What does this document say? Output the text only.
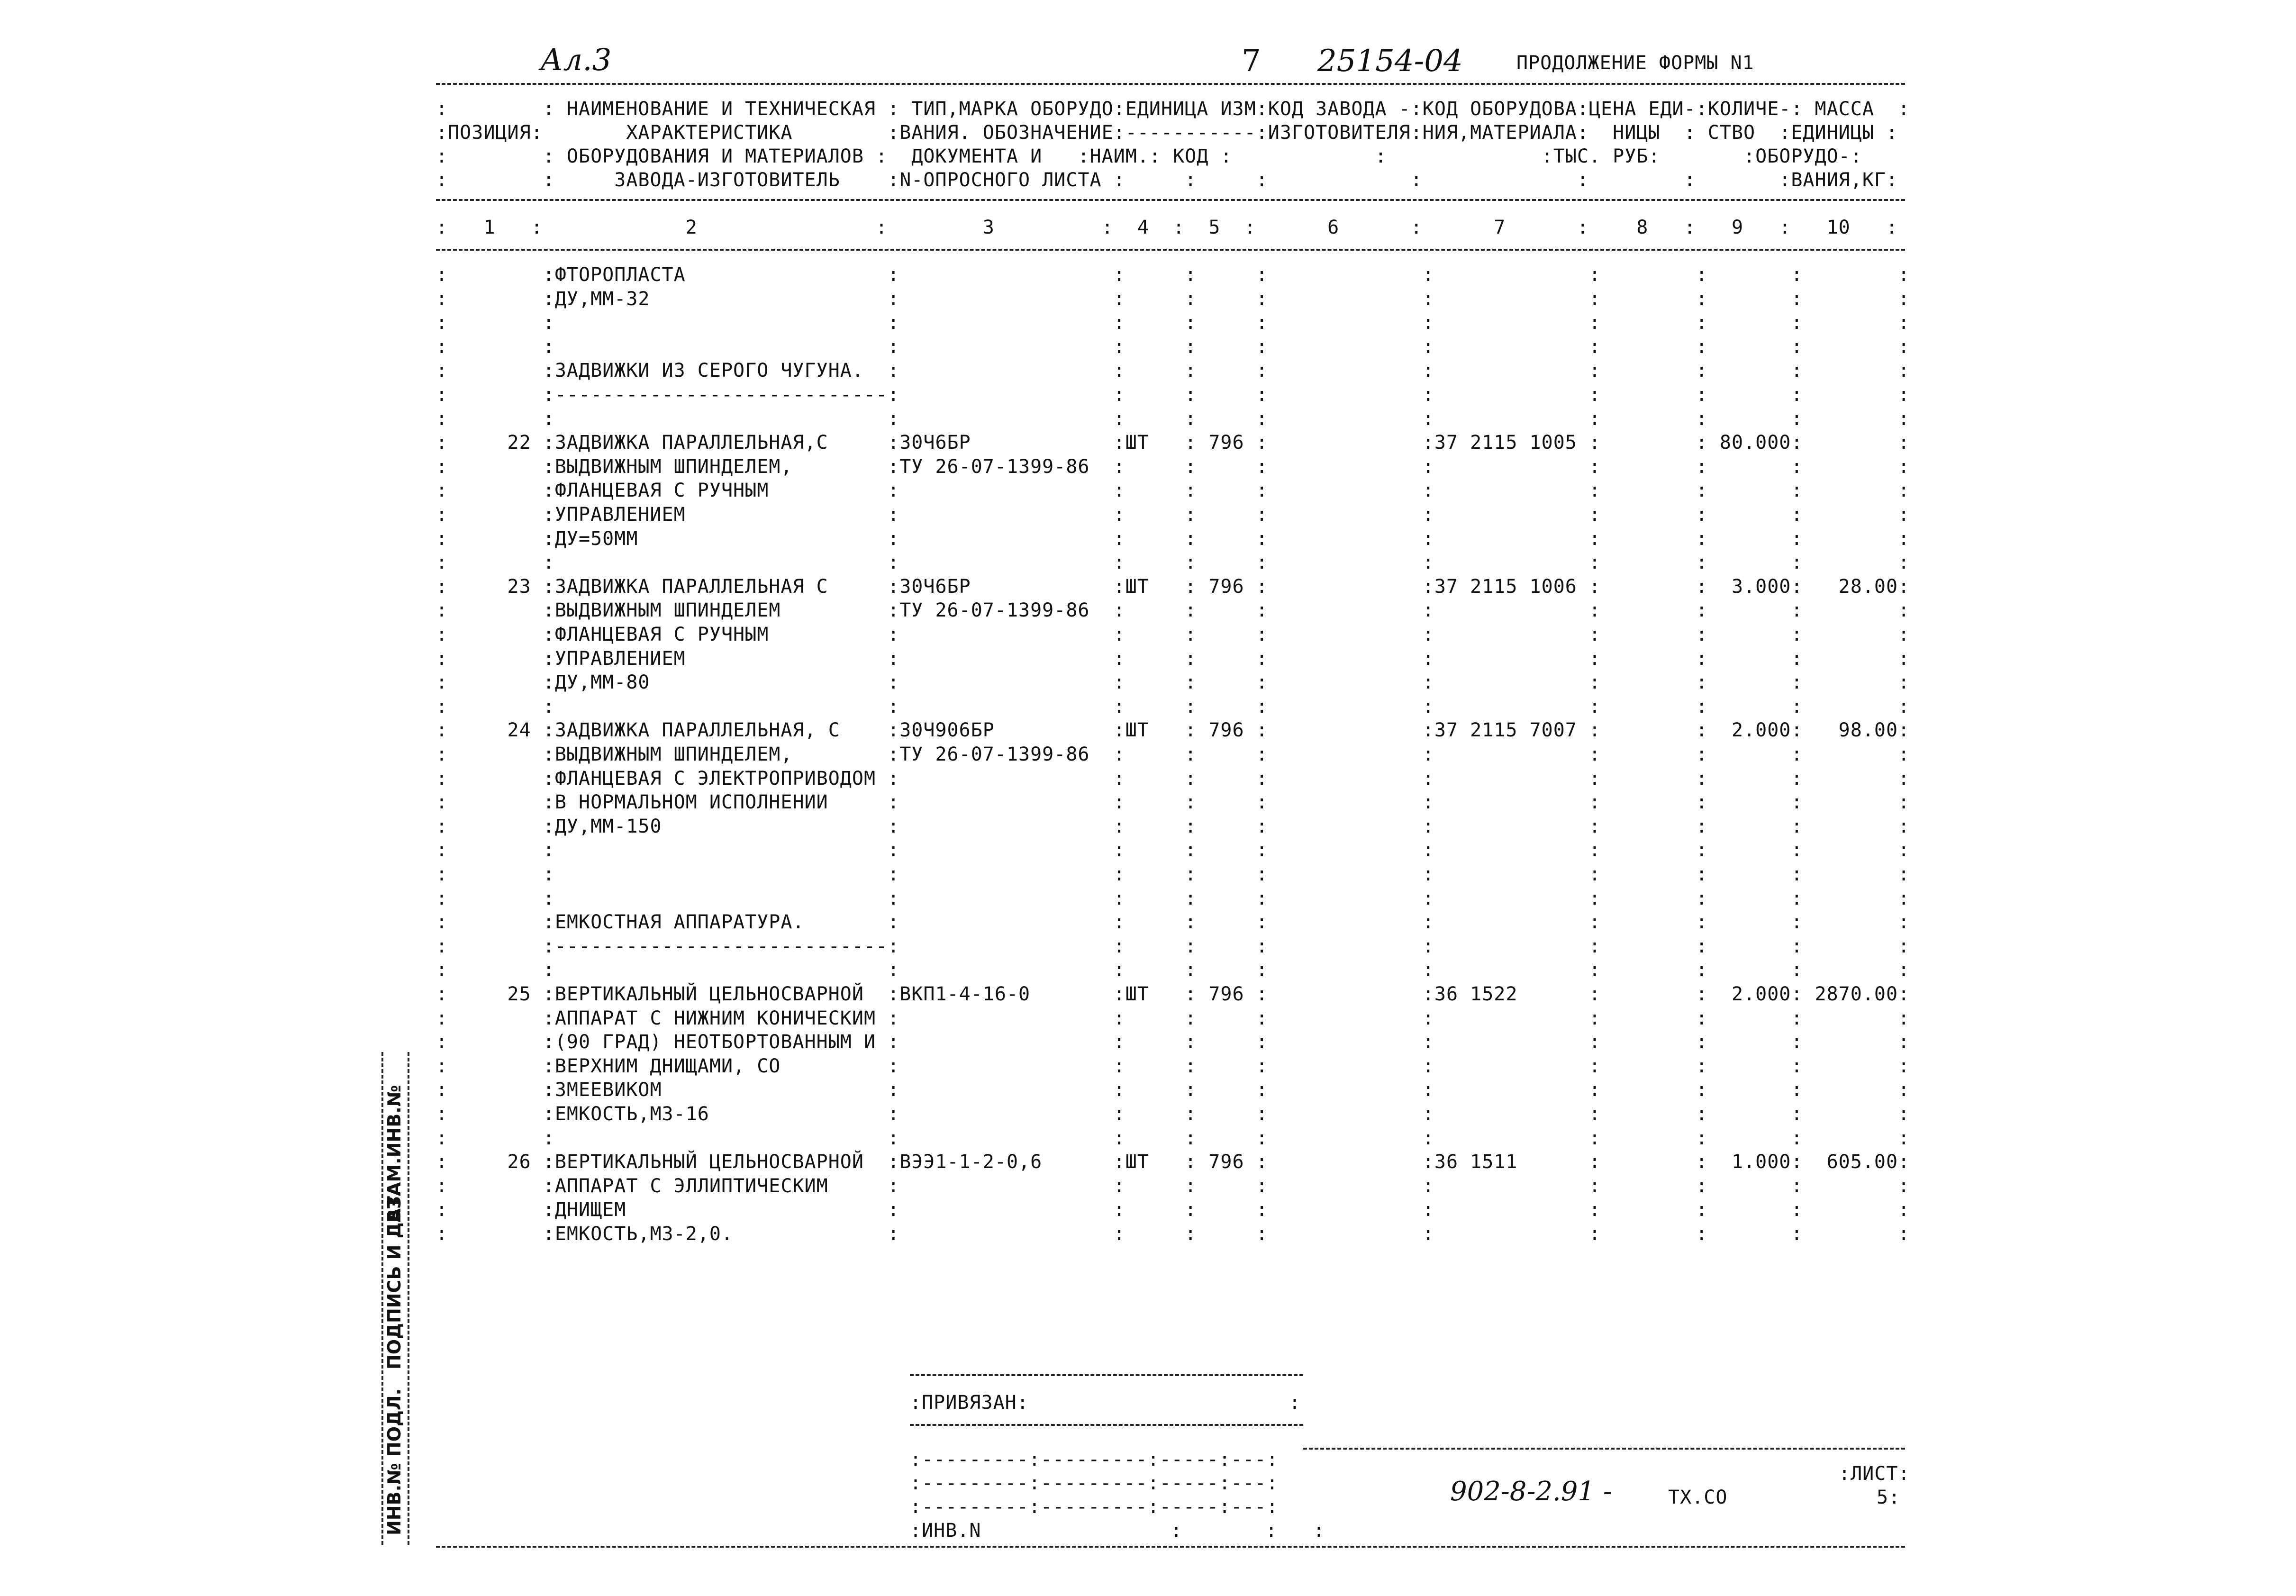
Ал.3	7 25154-04	ПРОДОЛЖЕНИЕ ФОРМЫ N1
:        : НАИМЕНОВАНИЕ И ТЕХНИЧЕСКАЯ : ТИП,МАРКА ОБОРУДО:ЕДИНИЦА ИЗМ:КОД ЗАВОДА -:КОД ОБОРУДОВА:ЦЕНА ЕДИ-:КОЛИЧЕ-: МАССА  :
:ПОЗИЦИЯ:       ХАРАКТЕРИСТИКА        :ВАНИЯ. ОБОЗНАЧЕНИЕ:-----------:ИЗГОТОВИТЕЛЯ:НИЯ,МАТЕРИАЛА:  НИЦЫ  : СТВО  :ЕДИНИЦЫ :
:        : ОБОРУДОВАНИЯ И МАТЕРИАЛОВ :  ДОКУМЕНТА И   :НАИМ.: КОД :            :             :ТЫС. РУБ:       :ОБОРУДО-:
:        :     ЗАВОДА-ИЗГОТОВИТЕЛЬ    :N-ОПРОСНОГО ЛИСТА :     :     :            :             :        :       :ВАНИЯ,КГ:
:   1   :            2               :        3         :  4  :  5  :      6      :      7      :    8   :   9   :   10   :
:        :ФТОРОПЛАСТА                 :                  :     :     :             :             :        :       :        :
:        :ДУ,ММ-32                    :                  :     :     :             :             :        :       :        :
:        :                            :                  :     :     :             :             :        :       :        :
:        :                            :                  :     :     :             :             :        :       :        :
:        :ЗАДВИЖКИ ИЗ СЕРОГО ЧУГУНА.  :                  :     :     :             :             :        :       :        :
:        :----------------------------:                  :     :     :             :             :        :       :        :
:        :                            :                  :     :     :             :             :        :       :        :
:     22 :ЗАДВИЖКА ПАРАЛЛЕЛЬНАЯ,С     :30Ч6БР            :ШТ   : 796 :             :37 2115 1005 :        : 80.000:        :
:        :ВЫДВИЖНЫМ ШПИНДЕЛЕМ,        :ТУ 26-07-1399-86  :     :     :             :             :        :       :        :
:        :ФЛАНЦЕВАЯ С РУЧНЫМ          :                  :     :     :             :             :        :       :        :
:        :УПРАВЛЕНИЕМ                 :                  :     :     :             :             :        :       :        :
:        :ДУ=50ММ                     :                  :     :     :             :             :        :       :        :
:        :                            :                  :     :     :             :             :        :       :        :
:     23 :ЗАДВИЖКА ПАРАЛЛЕЛЬНАЯ С     :30Ч6БР            :ШТ   : 796 :             :37 2115 1006 :        :  3.000:   28.00:
:        :ВЫДВИЖНЫМ ШПИНДЕЛЕМ         :ТУ 26-07-1399-86  :     :     :             :             :        :       :        :
:        :ФЛАНЦЕВАЯ С РУЧНЫМ          :                  :     :     :             :             :        :       :        :
:        :УПРАВЛЕНИЕМ                 :                  :     :     :             :             :        :       :        :
:        :ДУ,ММ-80                    :                  :     :     :             :             :        :       :        :
:        :                            :                  :     :     :             :             :        :       :        :
:     24 :ЗАДВИЖКА ПАРАЛЛЕЛЬНАЯ, С    :30Ч906БР          :ШТ   : 796 :             :37 2115 7007 :        :  2.000:   98.00:
:        :ВЫДВИЖНЫМ ШПИНДЕЛЕМ,        :ТУ 26-07-1399-86  :     :     :             :             :        :       :        :
:        :ФЛАНЦЕВАЯ С ЭЛЕКТРОПРИВОДОМ :                  :     :     :             :             :        :       :        :
:        :В НОРМАЛЬНОМ ИСПОЛНЕНИИ     :                  :     :     :             :             :        :       :        :
:        :ДУ,ММ-150                   :                  :     :     :             :             :        :       :        :
:        :                            :                  :     :     :             :             :        :       :        :
:        :                            :                  :     :     :             :             :        :       :        :
:        :                            :                  :     :     :             :             :        :       :        :
:        :ЕМКОСТНАЯ АППАРАТУРА.       :                  :     :     :             :             :        :       :        :
:        :----------------------------:                  :     :     :             :             :        :       :        :
:        :                            :                  :     :     :             :             :        :       :        :
:     25 :ВЕРТИКАЛЬНЫЙ ЦЕЛЬНОСВАРНОЙ  :ВКП1-4-16-0       :ШТ   : 796 :             :36 1522      :        :  2.000: 2870.00:
:        :АППАРАТ С НИЖНИМ КОНИЧЕСКИМ :                  :     :     :             :             :        :       :        :
:        :(90 ГРАД) НЕОТБОРТОВАННЫМ И :                  :     :     :             :             :        :       :        :
:        :ВЕРХНИМ ДНИЩАМИ, СО         :                  :     :     :             :             :        :       :        :
:        :ЗМЕЕВИКОМ                   :                  :     :     :             :             :        :       :        :
:        :ЕМКОСТЬ,М3-16               :                  :     :     :             :             :        :       :        :
:        :                            :                  :     :     :             :             :        :       :        :
:     26 :ВЕРТИКАЛЬНЫЙ ЦЕЛЬНОСВАРНОЙ  :ВЭЭ1-1-2-0,6      :ШТ   : 796 :             :36 1511      :        :  1.000:  605.00:
:        :АППАРАТ С ЭЛЛИПТИЧЕСКИМ     :                  :     :     :             :             :        :       :        :
:        :ДНИЩЕМ                      :                  :     :     :             :             :        :       :        :
:        :ЕМКОСТЬ,М3-2,0.             :                  :     :     :             :             :        :       :        :
:ПРИВЯЗАН:	:
:---------:---------:-----:---:
:---------:---------:-----:---:
:---------:---------:-----:---:
:ИНВ.N	:       :   :
902-8-2.91 -	ТХ.СО
:ЛИСТ:
5:
ВЗАМ.ИНВ.№
ПОДПИСЬ И ДАТА
ИНВ.№ ПОДЛ.
